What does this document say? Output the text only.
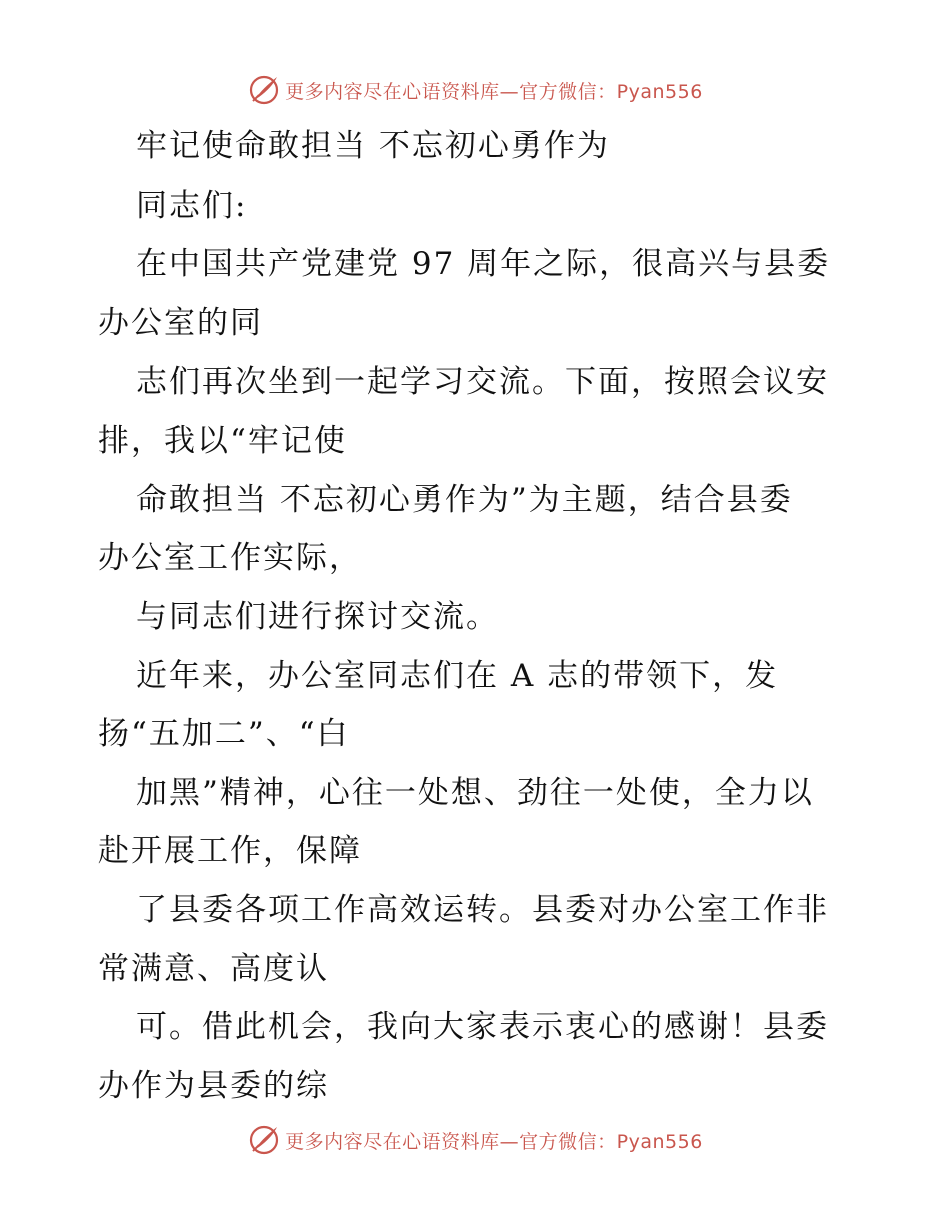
更多内容尽在心语资料库—官方微信：Pyan556
牢记使命敢担当 不忘初心勇作为
同志们:
在中国共产党建党 97 周年之际，很高兴与县委
办公室的同
志们再次坐到一起学习交流。下面，按照会议安
排，我以“牢记使
命敢担当 不忘初心勇作为”为主题，结合县委
办公室工作实际，
与同志们进行探讨交流。
近年来，办公室同志们在 A 志的带领下，发
扬“五加二”、“白
加黑”精神，心往一处想、劲往一处使，全力以
赴开展工作，保障
了县委各项工作高效运转。县委对办公室工作非
常满意、高度认
可。借此机会，我向大家表示衷心的感谢！县委
办作为县委的综
更多内容尽在心语资料库—官方微信：Pyan556
